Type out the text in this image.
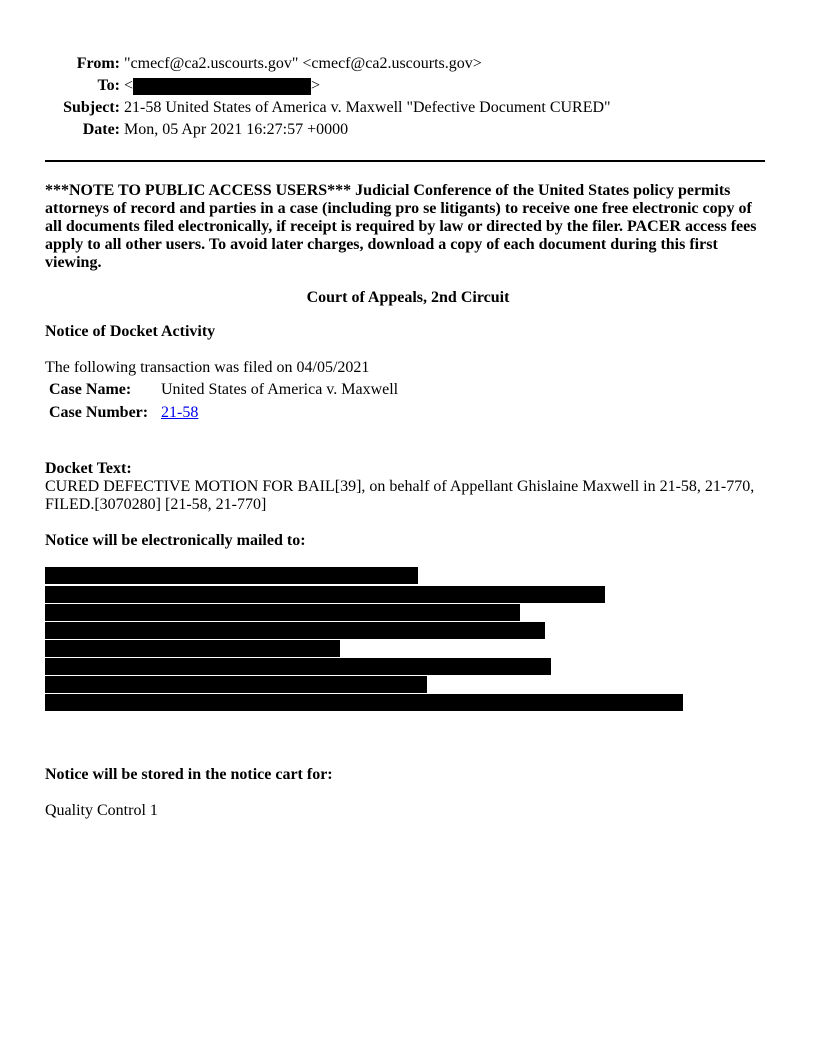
From: "cmecf@ca2.uscourts.gov" <cmecf@ca2.uscourts.gov>
To: <	>
Subject: 21-58 United States of America v. Maxwell "Defective Document CURED"
Date: Mon, 05 Apr 2021 16:27:57 +0000
***NOTE TO PUBLIC ACCESS USERS*** Judicial Conference of the United States policy permits attorneys of record and parties in a case (including pro se litigants) to receive one free electronic copy of all documents filed electronically, if receipt is required by law or directed by the filer. PACER access fees apply to all other users. To avoid later charges, download a copy of each document during this first viewing.
Court of Appeals, 2nd Circuit
Notice of Docket Activity
The following transaction was filed on 04/05/2021
Case Name: United States of America v. Maxwell
Case Number: 21-58
Docket Text:
CURED DEFECTIVE MOTION FOR BAIL[39], on behalf of Appellant Ghislaine Maxwell in 21-58, 21-770, FILED.[3070280] [21-58, 21-770]
Notice will be electronically mailed to:
Notice will be stored in the notice cart for:
Quality Control 1
